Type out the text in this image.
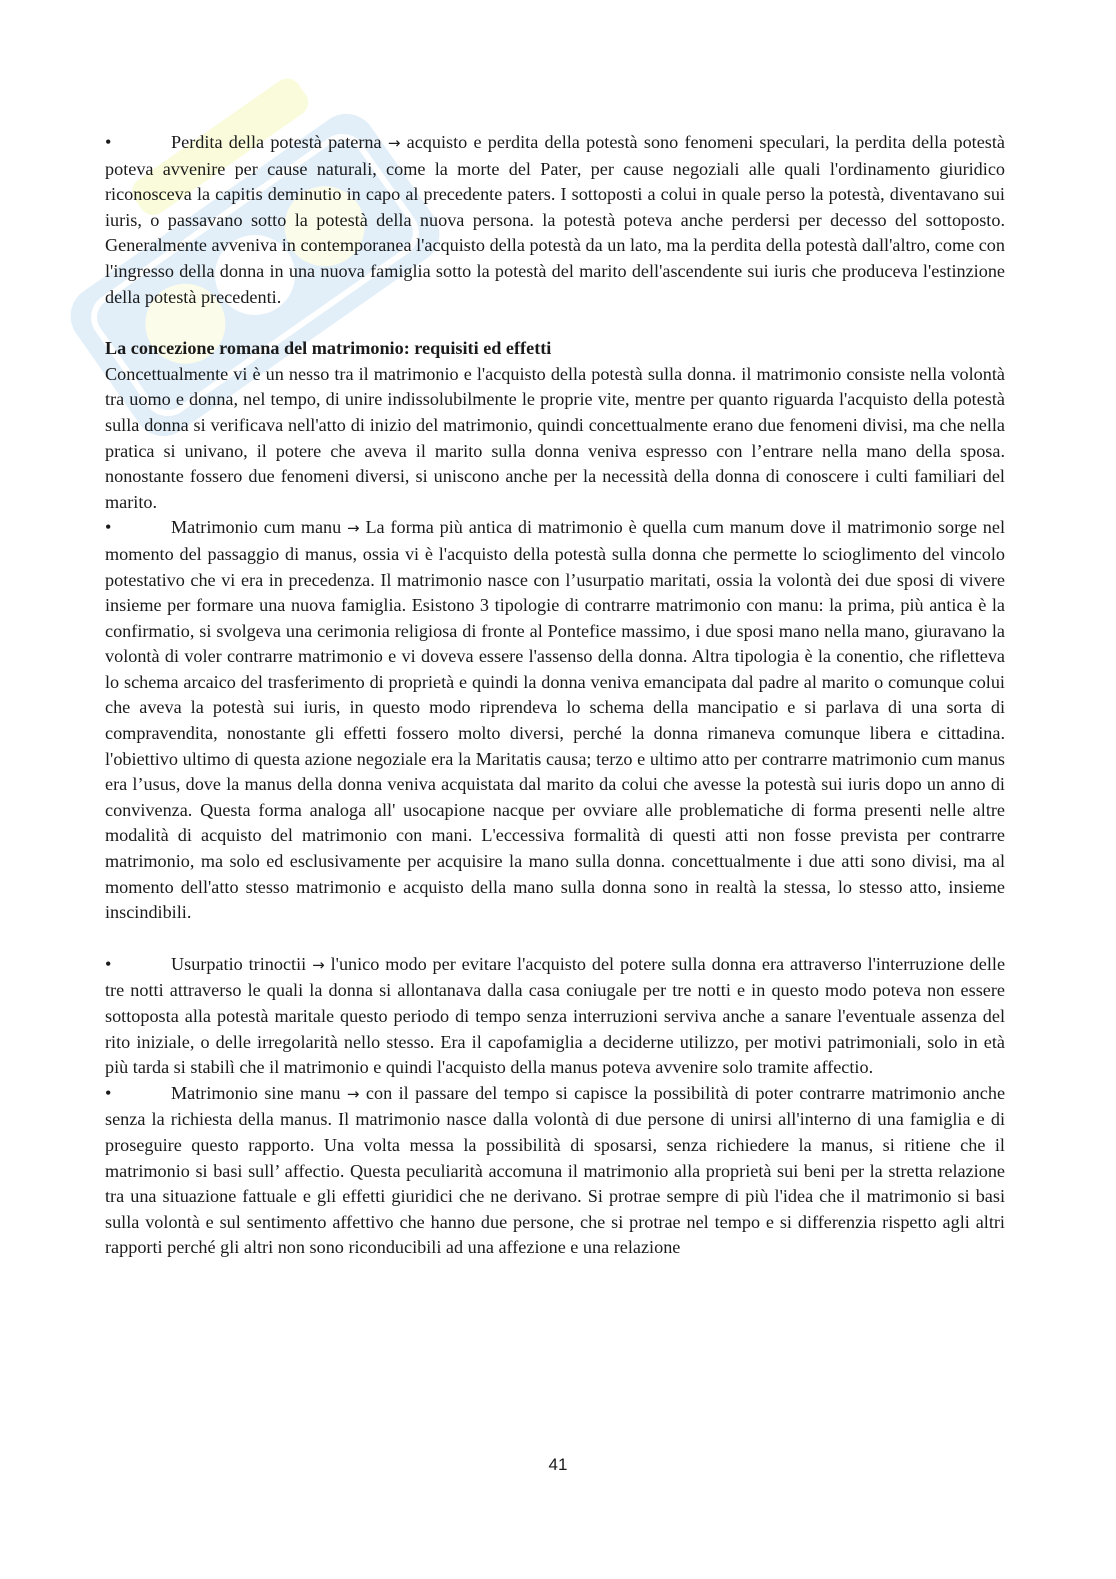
•	Perdita della potestà paterna → acquisto e perdita della potestà sono fenomeni speculari, la perdita della potestà poteva avvenire per cause naturali, come la morte del Pater, per cause negoziali alle quali l'ordinamento giuridico riconosceva la capitis deminutio in capo al precedente paters. I sottoposti a colui in quale perso la potestà, diventavano sui iuris, o passavano sotto la potestà della nuova persona. la potestà poteva anche perdersi per decesso del sottoposto. Generalmente avveniva in contemporanea l'acquisto della potestà da un lato, ma la perdita della potestà dall'altro, come con l'ingresso della donna in una nuova famiglia sotto la potestà del marito dell'ascendente sui iuris che produceva l'estinzione della potestà precedenti.

La concezione romana del matrimonio: requisiti ed effetti

Concettualmente vi è un nesso tra il matrimonio e l'acquisto della potestà sulla donna. il matrimonio consiste nella volontà tra uomo e donna, nel tempo, di unire indissolubilmente le proprie vite, mentre per quanto riguarda l'acquisto della potestà sulla donna si verificava nell'atto di inizio del matrimonio, quindi concettualmente erano due fenomeni divisi, ma che nella pratica si univano, il potere che aveva il marito sulla donna veniva espresso con l’entrare nella mano della sposa. nonostante fossero due fenomeni diversi, si uniscono anche per la necessità della donna di conoscere i culti familiari del marito.

•	Matrimonio cum manu → La forma più antica di matrimonio è quella cum manum dove il matrimonio sorge nel momento del passaggio di manus, ossia vi è l'acquisto della potestà sulla donna che permette lo scioglimento del vincolo potestativo che vi era in precedenza. Il matrimonio nasce con l’usurpatio maritati, ossia la volontà dei due sposi di vivere insieme per formare una nuova famiglia. Esistono 3 tipologie di contrarre matrimonio con manu: la prima, più antica è la confirmatio, si svolgeva una cerimonia religiosa di fronte al Pontefice massimo, i due sposi mano nella mano, giuravano la volontà di voler contrarre matrimonio e vi doveva essere l'assenso della donna. Altra tipologia è la conentio, che rifletteva lo schema arcaico del trasferimento di proprietà e quindi la donna veniva emancipata dal padre al marito o comunque colui che aveva la potestà sui iuris, in questo modo riprendeva lo schema della mancipatio e si parlava di una sorta di compravendita, nonostante gli effetti fossero molto diversi, perché la donna rimaneva comunque libera e cittadina. l'obiettivo ultimo di questa azione negoziale era la Maritatis causa; terzo e ultimo atto per contrarre matrimonio cum manus era l’usus, dove la manus della donna veniva acquistata dal marito da colui che avesse la potestà sui iuris dopo un anno di convivenza. Questa forma analoga all' usocapione nacque per ovviare alle problematiche di forma presenti nelle altre modalità di acquisto del matrimonio con mani. L'eccessiva formalità di questi atti non fosse prevista per contrarre matrimonio, ma solo ed esclusivamente per acquisire la mano sulla donna. concettualmente i due atti sono divisi, ma al momento dell'atto stesso matrimonio e acquisto della mano sulla donna sono in realtà la stessa, lo stesso atto, insieme inscindibili.

•	Usurpatio trinoctii → l'unico modo per evitare l'acquisto del potere sulla donna era attraverso l'interruzione delle tre notti attraverso le quali la donna si allontanava dalla casa coniugale per tre notti e in questo modo poteva non essere sottoposta alla potestà maritale questo periodo di tempo senza interruzioni serviva anche a sanare l'eventuale assenza del rito iniziale, o delle irregolarità nello stesso. Era il capofamiglia a deciderne utilizzo, per motivi patrimoniali, solo in età più tarda si stabilì che il matrimonio e quindi l'acquisto della manus poteva avvenire solo tramite affectio.

•	Matrimonio sine manu → con il passare del tempo si capisce la possibilità di poter contrarre matrimonio anche senza la richiesta della manus. Il matrimonio nasce dalla volontà di due persone di unirsi all'interno di una famiglia e di proseguire questo rapporto. Una volta messa la possibilità di sposarsi, senza richiedere la manus, si ritiene che il matrimonio si basi sull’ affectio. Questa peculiarità accomuna il matrimonio alla proprietà sui beni per la stretta relazione tra una situazione fattuale e gli effetti giuridici che ne derivano. Si protrae sempre di più l'idea che il matrimonio si basi sulla volontà e sul sentimento affettivo che hanno due persone, che si protrae nel tempo e si differenzia rispetto agli altri rapporti perché gli altri non sono riconducibili ad una affezione e una relazione

41
